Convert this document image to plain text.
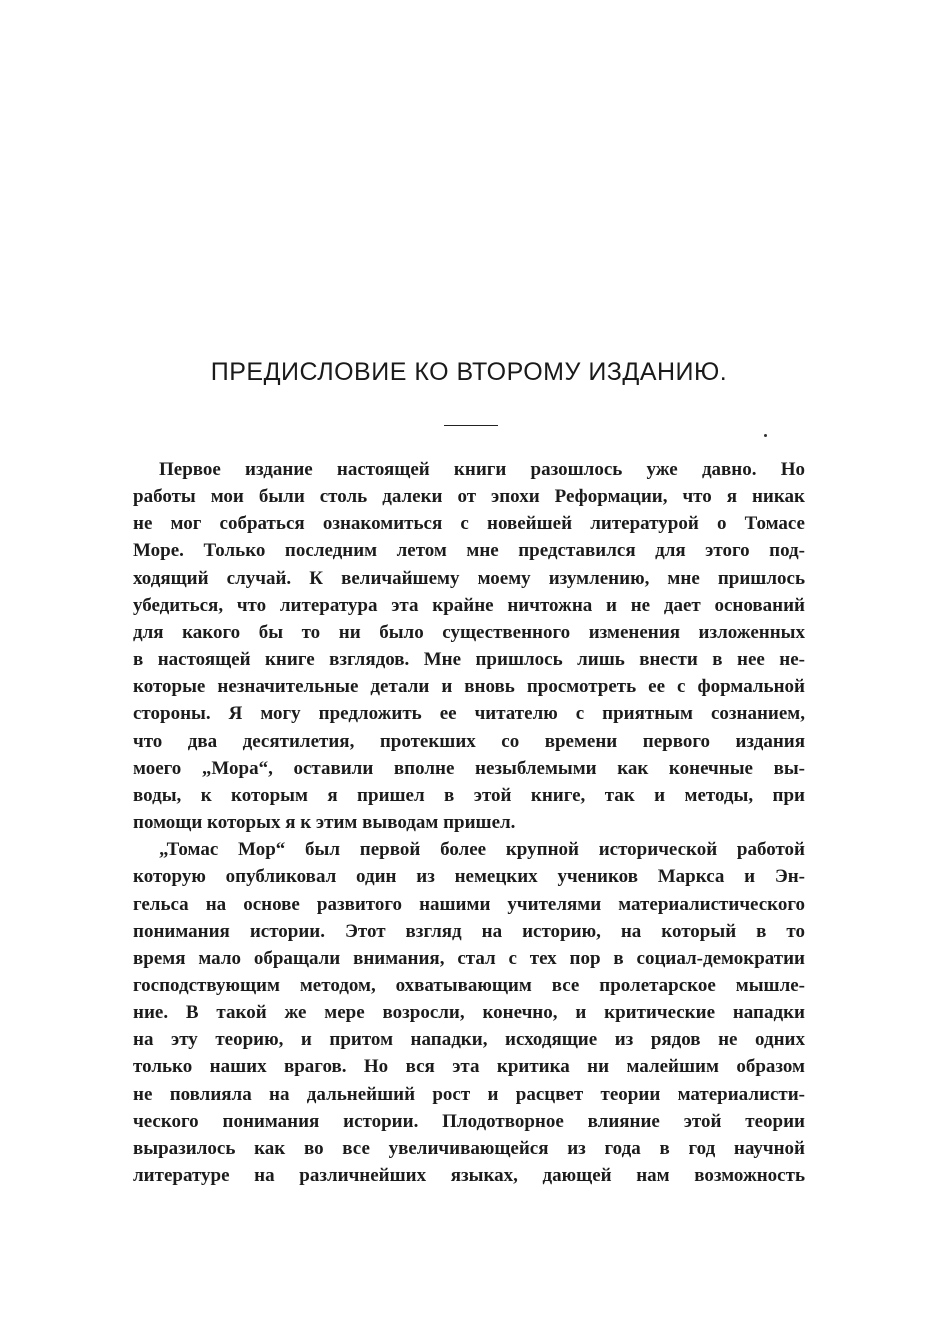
ПРЕДИСЛОВИЕ КО ВТОРОМУ ИЗДАНИЮ.
Первое издание настоящей книги разошлось уже давно. Но
работы мои были столь далеки от эпохи Реформации, что я никак
не мог собраться ознакомиться с новейшей литературой о Томасе
Море. Только последним летом мне представился для этого под-
ходящий случай. К величайшему моему изумлению, мне пришлось
убедиться, что литература эта крайне ничтожна и не дает оснований
для какого бы то ни было существенного изменения изложенных
в настоящей книге взглядов. Мне пришлось лишь внести в нее не-
которые незначительные детали и вновь просмотреть ее с формальной
стороны. Я могу предложить ее читателю с приятным сознанием,
что два десятилетия, протекших со времени первого издания
моего „Мора“, оставили вполне незыблемыми как конечные вы-
воды, к которым я пришел в этой книге, так и методы, при
помощи которых я к этим выводам пришел.
„Томас Мор“ был первой более крупной исторической работой
которую опубликовал один из немецких учеников Маркса и Эн-
гельса на основе развитого нашими учителями материалистического
понимания истории. Этот взгляд на историю, на который в то
время мало обращали внимания, стал с тех пор в социал-демократии
господствующим методом, охватывающим все пролетарское мышле-
ние. В такой же мере возросли, конечно, и критические нападки
на эту теорию, и притом нападки, исходящие из рядов не одних
только наших врагов. Но вся эта критика ни малейшим образом
не повлияла на дальнейший рост и расцвет теории материалисти-
ческого понимания истории. Плодотворное влияние этой теории
выразилось как во все увеличивающейся из года в год научной
литературе на различнейших языках, дающей нам возможность
